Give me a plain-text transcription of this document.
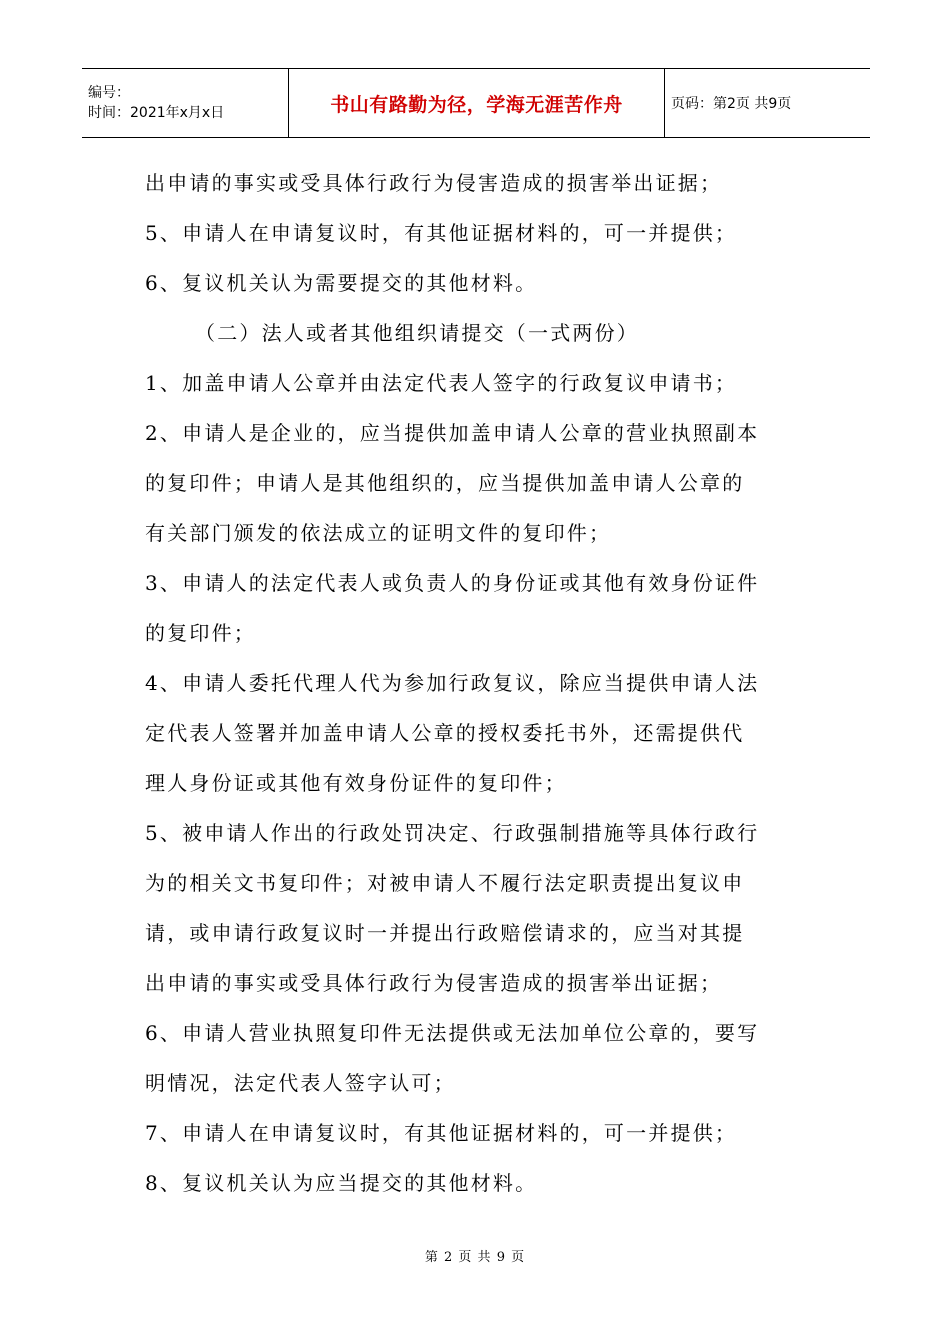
编号：
时间：2021年x月x日	书山有路勤为径，学海无涯苦作舟	页码：第2页 共9页
出申请的事实或受具体行政行为侵害造成的损害举出证据；
5、申请人在申请复议时，有其他证据材料的，可一并提供；
6、复议机关认为需要提交的其他材料。
（二）法人或者其他组织请提交（一式两份）
1、加盖申请人公章并由法定代表人签字的行政复议申请书；
2、申请人是企业的，应当提供加盖申请人公章的营业执照副本
的复印件；申请人是其他组织的，应当提供加盖申请人公章的
有关部门颁发的依法成立的证明文件的复印件；
3、申请人的法定代表人或负责人的身份证或其他有效身份证件
的复印件；
4、申请人委托代理人代为参加行政复议，除应当提供申请人法
定代表人签署并加盖申请人公章的授权委托书外，还需提供代
理人身份证或其他有效身份证件的复印件；
5、被申请人作出的行政处罚决定、行政强制措施等具体行政行
为的相关文书复印件；对被申请人不履行法定职责提出复议申
请，或申请行政复议时一并提出行政赔偿请求的，应当对其提
出申请的事实或受具体行政行为侵害造成的损害举出证据；
6、申请人营业执照复印件无法提供或无法加单位公章的，要写
明情况，法定代表人签字认可；
7、申请人在申请复议时，有其他证据材料的，可一并提供；
8、复议机关认为应当提交的其他材料。
第 2 页 共 9 页
